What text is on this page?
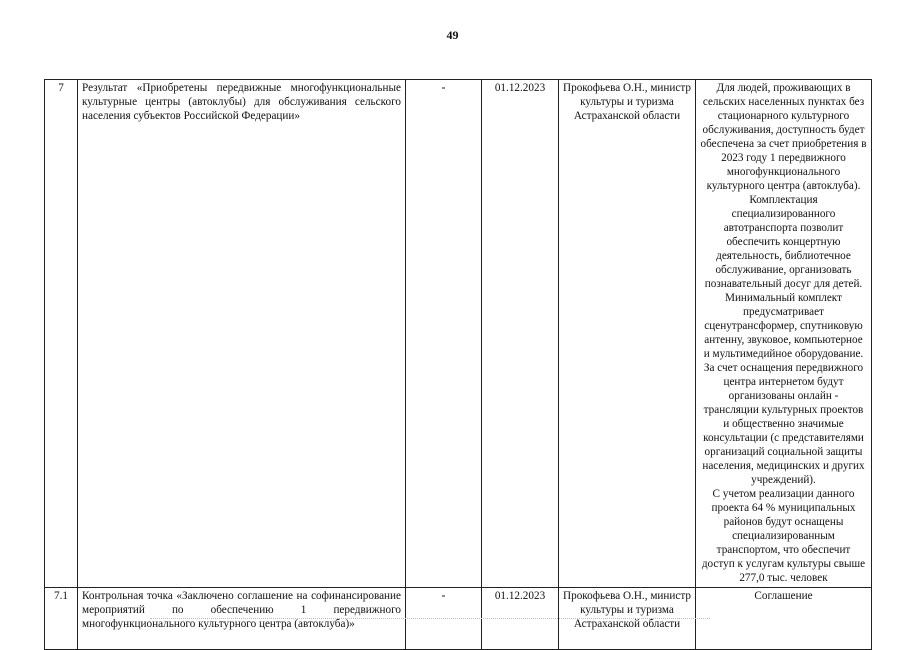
49
7	Результат «Приобретены передвижные многофункциональные культурные центры (автоклубы) для обслуживания сельского населения субъектов Российской Федерации»	-	01.12.2023	Прокофьева О.Н., министр культуры и туризма Астраханской области	Для людей, проживающих в сельских населенных пунктах без стационарного культурного обслуживания, доступность будет обеспечена за счет приобретения в 2023 году 1 передвижного многофункционального культурного центра (автоклуба). Комплектация специализированного автотранспорта позволит обеспечить концертную деятельность, библиотечное обслуживание, организовать познавательный досуг для детей. Минимальный комплект предусматривает сценутрансформер, спутниковую антенну, звуковое, компьютерное и мультимедийное оборудование. За счет оснащения передвижного центра интернетом будут организованы онлайн - трансляции культурных проектов и общественно значимые консультации (с представителями организаций социальной защиты населения, медицинских и других учреждений).
С учетом реализации данного проекта 64 % муниципальных районов будут оснащены специализированным транспортом, что обеспечит доступ к услугам культуры свыше 277,0 тыс. человек

7.1	Контрольная точка «Заключено соглашение на софинансирование мероприятий по обеспечению 1 передвижного многофункционального культурного центра (автоклуба)»	-	01.12.2023	Прокофьева О.Н., министр культуры и туризма Астраханской области	Соглашение
